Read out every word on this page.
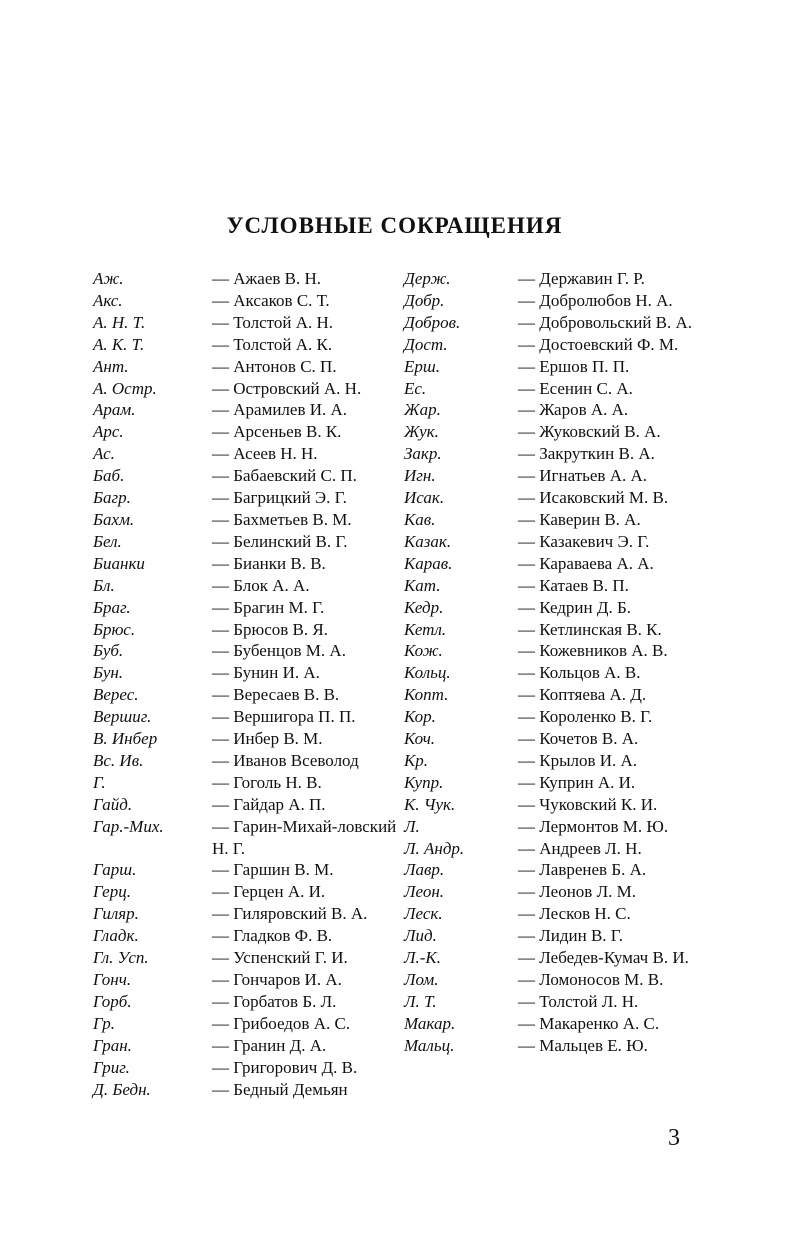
УСЛОВНЫЕ СОКРАЩЕНИЯ
Аж.	— Ажаев В. Н.
Акс.	— Аксаков С. Т.
А. Н. Т.	— Толстой А. Н.
А. К. Т.	— Толстой А. К.
Ант.	— Антонов С. П.
А. Остр.	— Островский А. Н.
Арам.	— Арамилев И. А.
Арс.	— Арсеньев В. К.
Ас.	— Асеев Н. Н.
Баб.	— Бабаевский С. П.
Багр.	— Багрицкий Э. Г.
Бахм.	— Бахметьев В. М.
Бел.	— Белинский В. Г.
Бианки	— Бианки В. В.
Бл.	— Блок А. А.
Браг.	— Брагин М. Г.
Брюс.	— Брюсов В. Я.
Буб.	— Бубенцов М. А.
Бун.	— Бунин И. А.
Верес.	— Вересаев В. В.
Вершиг.	— Вершигора П. П.
В. Инбер	— Инбер В. М.
Вс. Ив.	— Иванов Всеволод
Г.	— Гоголь Н. В.
Гайд.	— Гайдар А. П.
Гар.-Мих.	— Гарин-Михай-ловский Н. Г.
Гарш.	— Гаршин В. М.
Герц.	— Герцен А. И.
Гиляр.	— Гиляровский В. А.
Гладк.	— Гладков Ф. В.
Гл. Усп.	— Успенский Г. И.
Гонч.	— Гончаров И. А.
Горб.	— Горбатов Б. Л.
Гр.	— Грибоедов А. С.
Гран.	— Гранин Д. А.
Григ.	— Григорович Д. В.
Д. Бедн.	— Бедный Демьян
Держ.	— Державин Г. Р.
Добр.	— Добролюбов Н. А.
Добров.	— Добровольский В. А.
Дост.	— Достоевский Ф. М.
Ерш.	— Ершов П. П.
Ес.	— Есенин С. А.
Жар.	— Жаров А. А.
Жук.	— Жуковский В. А.
Закр.	— Закруткин В. А.
Игн.	— Игнатьев А. А.
Исак.	— Исаковский М. В.
Кав.	— Каверин В. А.
Казак.	— Казакевич Э. Г.
Карав.	— Караваева А. А.
Кат.	— Катаев В. П.
Кедр.	— Кедрин Д. Б.
Кетл.	— Кетлинская В. К.
Кож.	— Кожевников А. В.
Кольц.	— Кольцов А. В.
Копт.	— Коптяева А. Д.
Кор.	— Короленко В. Г.
Коч.	— Кочетов В. А.
Кр.	— Крылов И. А.
Купр.	— Куприн А. И.
К. Чук.	— Чуковский К. И.
Л.	— Лермонтов М. Ю.
Л. Андр.	— Андреев Л. Н.
Лавр.	— Лавренев Б. А.
Леон.	— Леонов Л. М.
Леск.	— Лесков Н. С.
Лид.	— Лидин В. Г.
Л.-К.	— Лебедев-Кумач В. И.
Лом.	— Ломоносов М. В.
Л. Т.	— Толстой Л. Н.
Макар.	— Макаренко А. С.
Мальц.	— Мальцев Е. Ю.
3
